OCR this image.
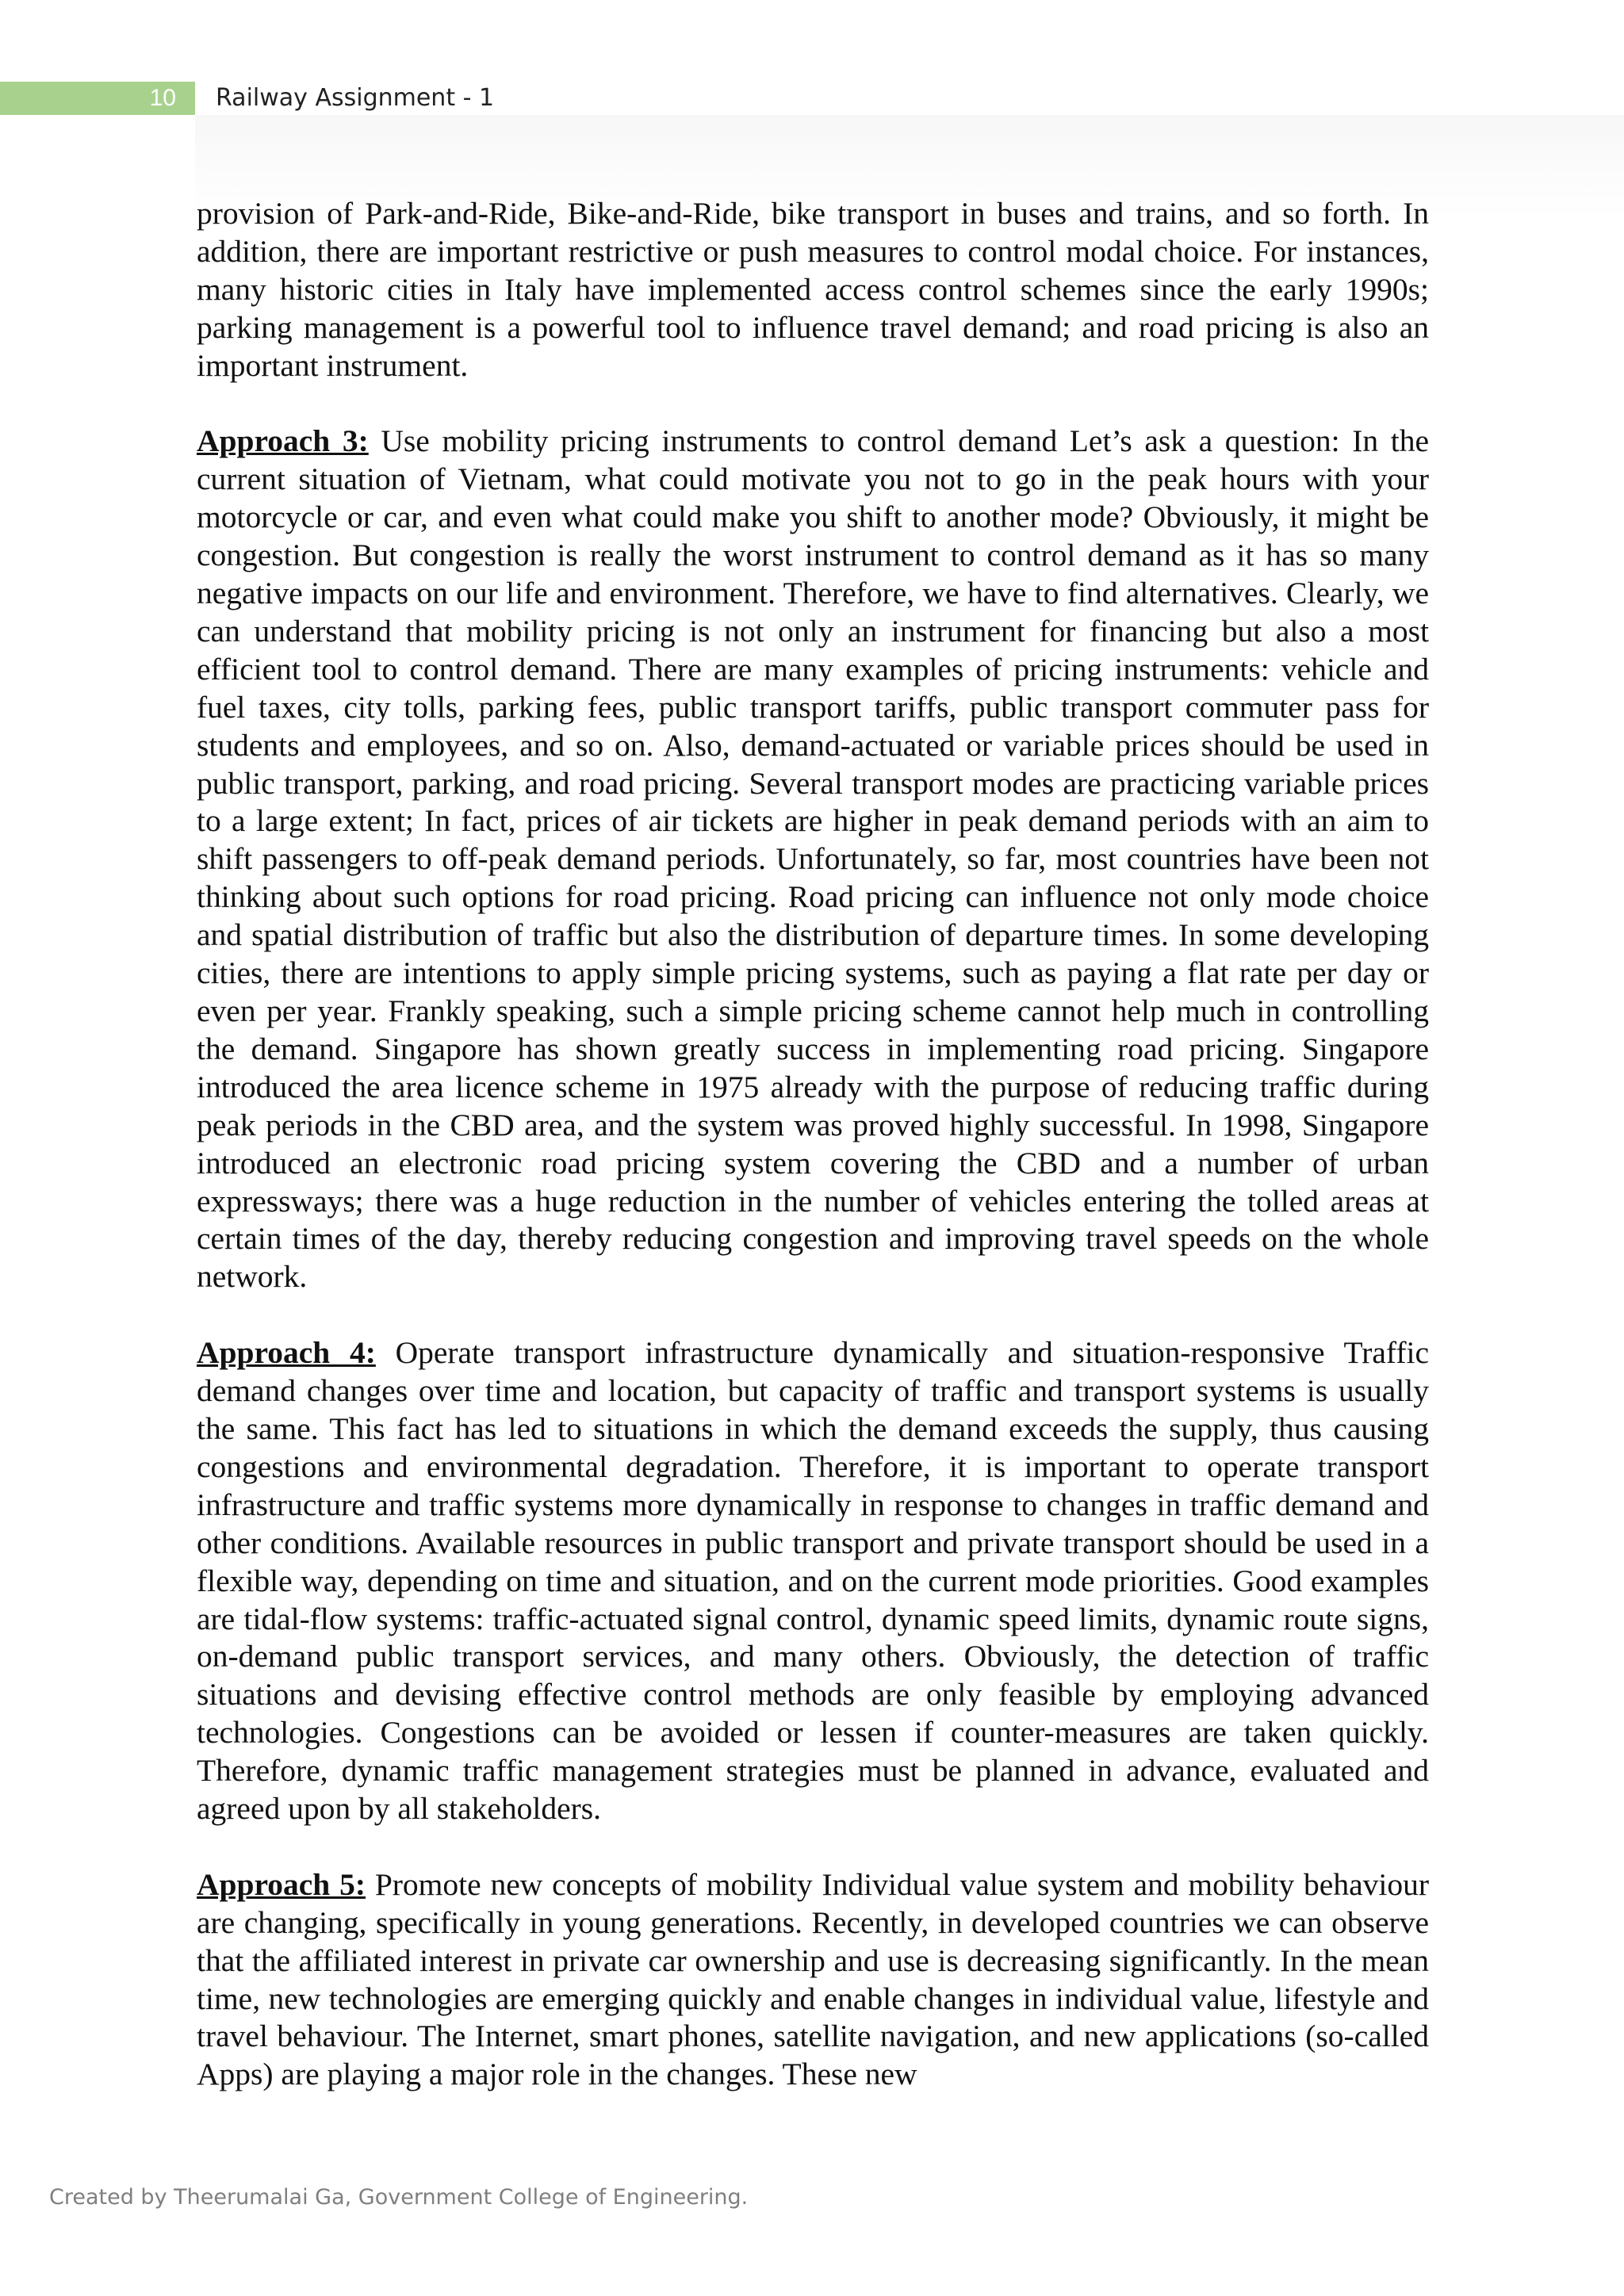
10	Railway Assignment - 1

provision of Park-and-Ride, Bike-and-Ride, bike transport in buses and trains, and so forth. In addition, there are important restrictive or push measures to control modal choice. For instances, many historic cities in Italy have implemented access control schemes since the early 1990s; parking management is a powerful tool to influence travel demand; and road pricing is also an important instrument.

Approach 3: Use mobility pricing instruments to control demand Let’s ask a question: In the current situation of Vietnam, what could motivate you not to go in the peak hours with your motorcycle or car, and even what could make you shift to another mode? Obviously, it might be congestion. But congestion is really the worst instrument to control demand as it has so many negative impacts on our life and environment. Therefore, we have to find alternatives. Clearly, we can understand that mobility pricing is not only an instrument for financing but also a most efficient tool to control demand. There are many examples of pricing instruments: vehicle and fuel taxes, city tolls, parking fees, public transport tariffs, public transport commuter pass for students and employees, and so on. Also, demand-actuated or variable prices should be used in public transport, parking, and road pricing. Several transport modes are practicing variable prices to a large extent; In fact, prices of air tickets are higher in peak demand periods with an aim to shift passengers to off-peak demand periods. Unfortunately, so far, most countries have been not thinking about such options for road pricing. Road pricing can influence not only mode choice and spatial distribution of traffic but also the distribution of departure times. In some developing cities, there are intentions to apply simple pricing systems, such as paying a flat rate per day or even per year. Frankly speaking, such a simple pricing scheme cannot help much in controlling the demand. Singapore has shown greatly success in implementing road pricing. Singapore introduced the area licence scheme in 1975 already with the purpose of reducing traffic during peak periods in the CBD area, and the system was proved highly successful. In 1998, Singapore introduced an electronic road pricing system covering the CBD and a number of urban expressways; there was a huge reduction in the number of vehicles entering the tolled areas at certain times of the day, thereby reducing congestion and improving travel speeds on the whole network.

Approach 4: Operate transport infrastructure dynamically and situation-responsive Traffic demand changes over time and location, but capacity of traffic and transport systems is usually the same. This fact has led to situations in which the demand exceeds the supply, thus causing congestions and environmental degradation. Therefore, it is important to operate transport infrastructure and traffic systems more dynamically in response to changes in traffic demand and other conditions. Available resources in public transport and private transport should be used in a flexible way, depending on time and situation, and on the current mode priorities. Good examples are tidal-flow systems: traffic-actuated signal control, dynamic speed limits, dynamic route signs, on-demand public transport services, and many others. Obviously, the detection of traffic situations and devising effective control methods are only feasible by employing advanced technologies. Congestions can be avoided or lessen if counter-measures are taken quickly. Therefore, dynamic traffic management strategies must be planned in advance, evaluated and agreed upon by all stakeholders.

Approach 5: Promote new concepts of mobility Individual value system and mobility behaviour are changing, specifically in young generations. Recently, in developed countries we can observe that the affiliated interest in private car ownership and use is decreasing significantly. In the mean time, new technologies are emerging quickly and enable changes in individual value, lifestyle and travel behaviour. The Internet, smart phones, satellite navigation, and new applications (so-called Apps) are playing a major role in the changes. These new

Created by Theerumalai Ga, Government College of Engineering.
